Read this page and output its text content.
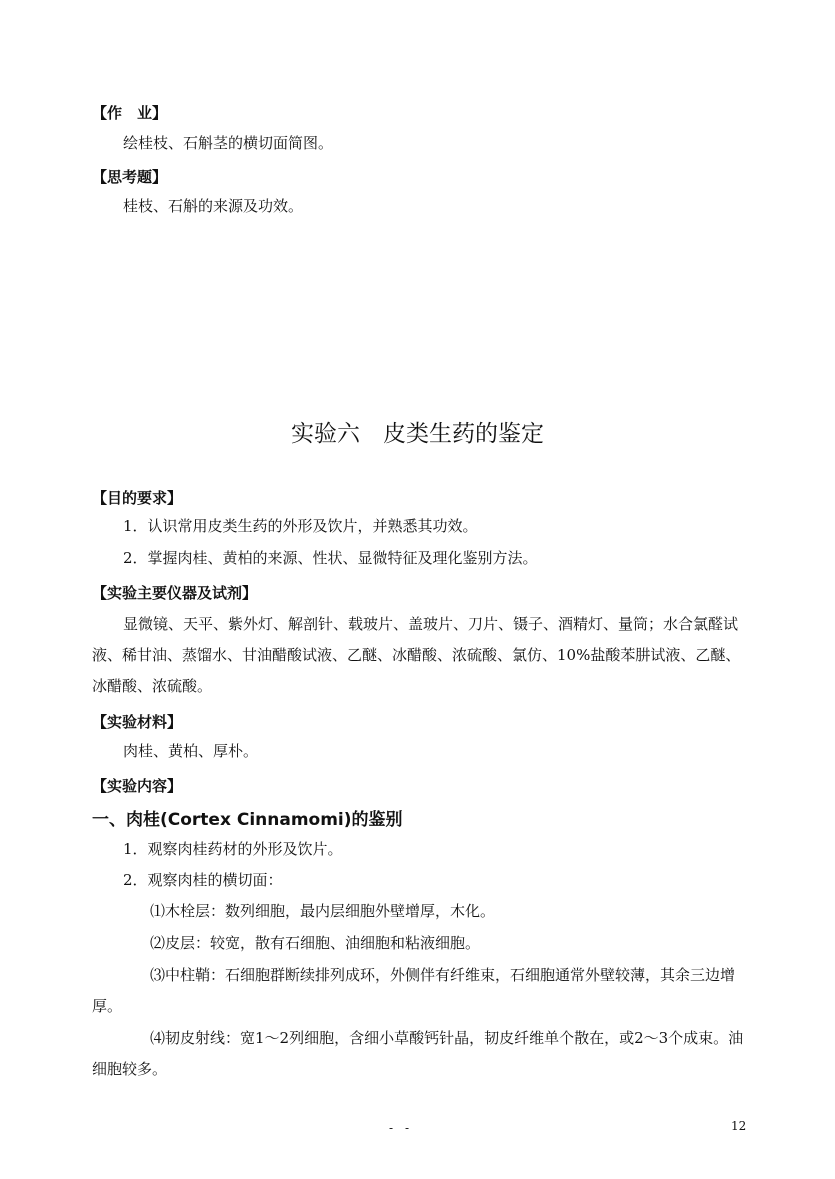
【作　业】
绘桂枝、石斛茎的横切面简图。
【思考题】
桂枝、石斛的来源及功效。
实验六　皮类生药的鉴定
【目的要求】
1．认识常用皮类生药的外形及饮片，并熟悉其功效。
2．掌握肉桂、黄柏的来源、性状、显微特征及理化鉴别方法。
【实验主要仪器及试剂】
显微镜、天平、紫外灯、解剖针、载玻片、盖玻片、刀片、镊子、酒精灯、量筒；水合氯醛试液、稀甘油、蒸馏水、甘油醋酸试液、乙醚、冰醋酸、浓硫酸、氯仿、10%盐酸苯肼试液、乙醚、冰醋酸、浓硫酸。
【实验材料】
肉桂、黄柏、厚朴。
【实验内容】
一、肉桂(Cortex Cinnamomi)的鉴别
1．观察肉桂药材的外形及饮片。
2．观察肉桂的横切面：
⑴木栓层：数列细胞，最内层细胞外壁增厚，木化。
⑵皮层：较宽，散有石细胞、油细胞和粘液细胞。
⑶中柱鞘：石细胞群断续排列成环，外侧伴有纤维束，石细胞通常外壁较薄，其余三边增厚。
⑷韧皮射线：宽1～2列细胞，含细小草酸钙针晶，韧皮纤维单个散在，或2～3个成束。油细胞较多。
-　-	12
